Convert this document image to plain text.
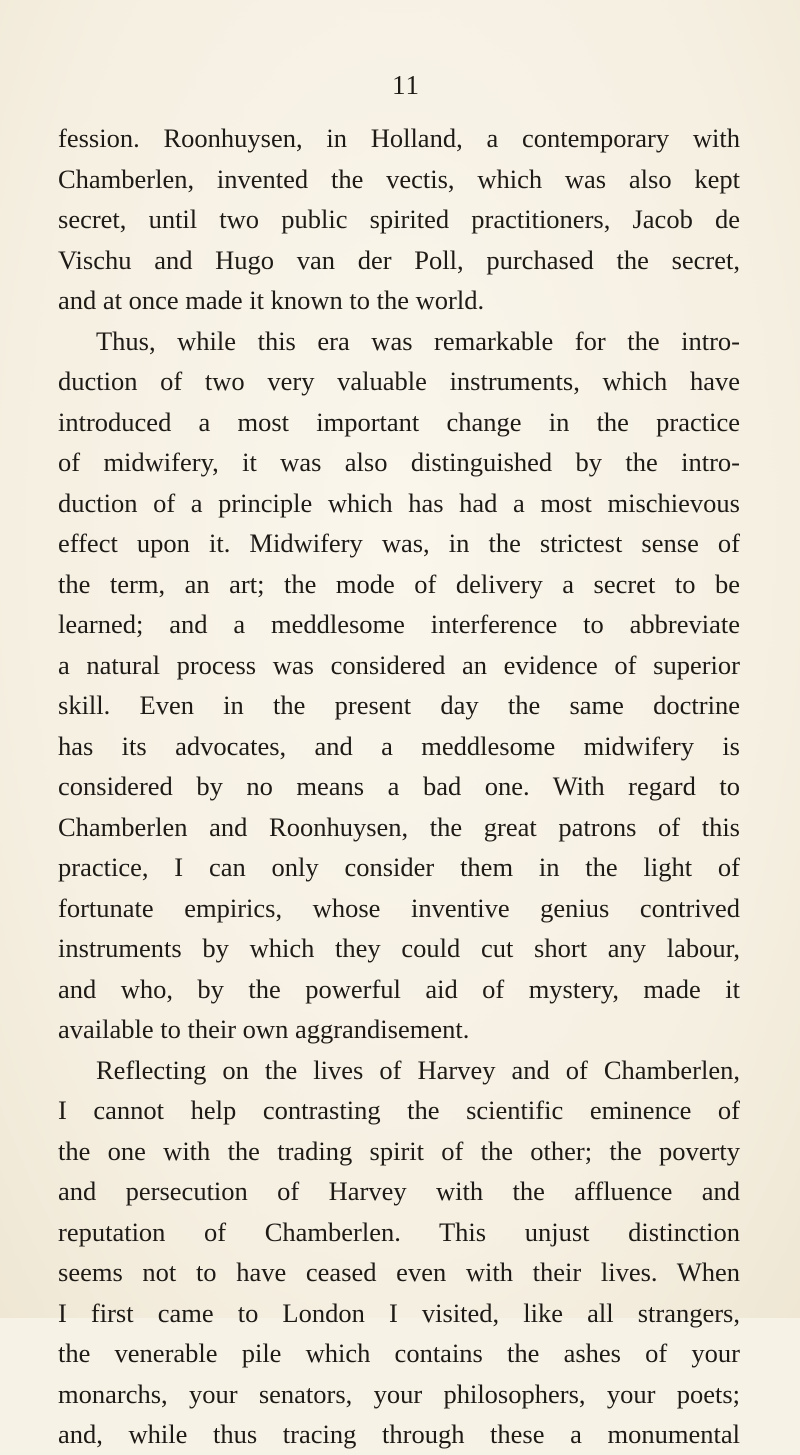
11
fession. Roonhuysen, in Holland, a contemporary with
Chamberlen, invented the vectis, which was also kept
secret, until two public spirited practitioners, Jacob de
Vischu and Hugo van der Poll, purchased the secret,
and at once made it known to the world.
Thus, while this era was remarkable for the intro-
duction of two very valuable instruments, which have
introduced a most important change in the practice
of midwifery, it was also distinguished by the intro-
duction of a principle which has had a most mischievous
effect upon it. Midwifery was, in the strictest sense of
the term, an art; the mode of delivery a secret to be
learned; and a meddlesome interference to abbreviate
a natural process was considered an evidence of superior
skill. Even in the present day the same doctrine
has its advocates, and a meddlesome midwifery is
considered by no means a bad one. With regard to
Chamberlen and Roonhuysen, the great patrons of this
practice, I can only consider them in the light of
fortunate empirics, whose inventive genius contrived
instruments by which they could cut short any labour,
and who, by the powerful aid of mystery, made it
available to their own aggrandisement.
Reflecting on the lives of Harvey and of Chamberlen,
I cannot help contrasting the scientific eminence of
the one with the trading spirit of the other; the poverty
and persecution of Harvey with the affluence and
reputation of Chamberlen. This unjust distinction
seems not to have ceased even with their lives. When
I first came to London I visited, like all strangers,
the venerable pile which contains the ashes of your
monarchs, your senators, your philosophers, your poets;
and, while thus tracing through these a monumental
